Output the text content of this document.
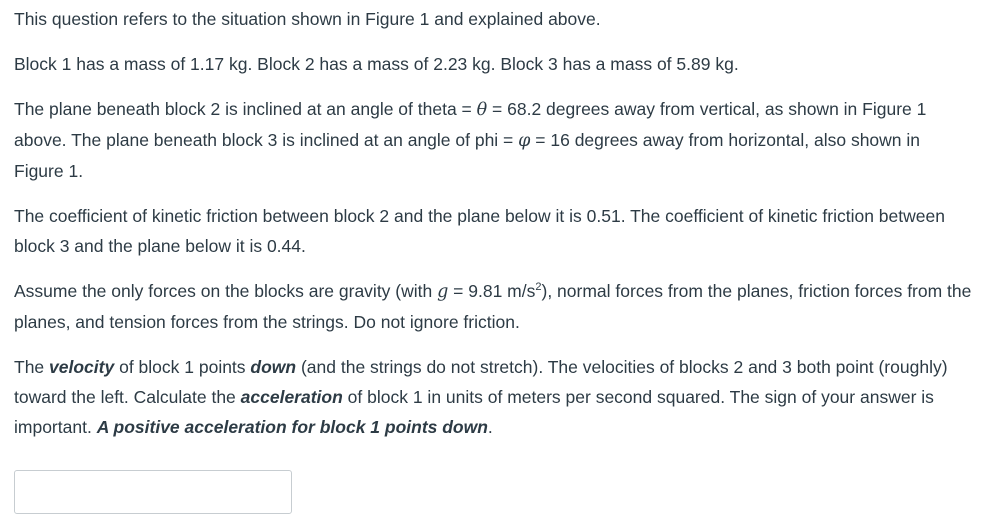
This question refers to the situation shown in Figure 1 and explained above.

Block 1 has a mass of 1.17 kg. Block 2 has a mass of 2.23 kg. Block 3 has a mass of 5.89 kg.

The plane beneath block 2 is inclined at an angle of theta = θ = 68.2 degrees away from vertical, as shown in Figure 1 above. The plane beneath block 3 is inclined at an angle of phi = φ = 16 degrees away from horizontal, also shown in Figure 1.

The coefficient of kinetic friction between block 2 and the plane below it is 0.51. The coefficient of kinetic friction between block 3 and the plane below it is 0.44.

Assume the only forces on the blocks are gravity (with g = 9.81 $m/s^2$), normal forces from the planes, friction forces from the planes, and tension forces from the strings. Do not ignore friction.

The velocity of block 1 points down (and the strings do not stretch). The velocities of blocks 2 and 3 both point (roughly) toward the left. Calculate the acceleration of block 1 in units of meters per second squared. The sign of your answer is important. A positive acceleration for block 1 points down.
